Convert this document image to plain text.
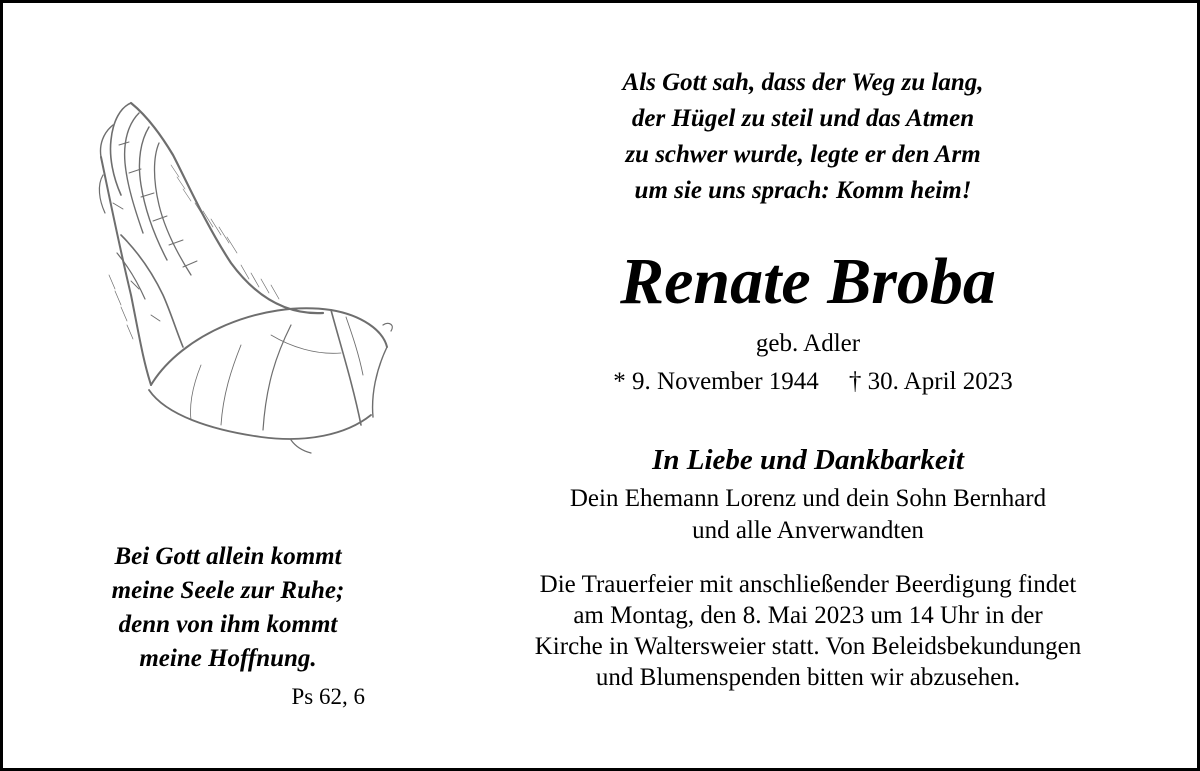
Bei Gott allein kommt
meine Seele zur Ruhe;
denn von ihm kommt
meine Hoffnung.
Ps 62, 6
Als Gott sah, dass der Weg zu lang,
der Hügel zu steil und das Atmen
zu schwer wurde, legte er den Arm
um sie uns sprach: Komm heim!
Renate Broba
geb. Adler
* 9. November 1944 † 30. April 2023
In Liebe und Dankbarkeit
Dein Ehemann Lorenz und dein Sohn Bernhard
und alle Anverwandten
Die Trauerfeier mit anschließender Beerdigung findet
am Montag, den 8. Mai 2023 um 14 Uhr in der
Kirche in Waltersweier statt. Von Beleidsbekundungen
und Blumenspenden bitten wir abzusehen.
